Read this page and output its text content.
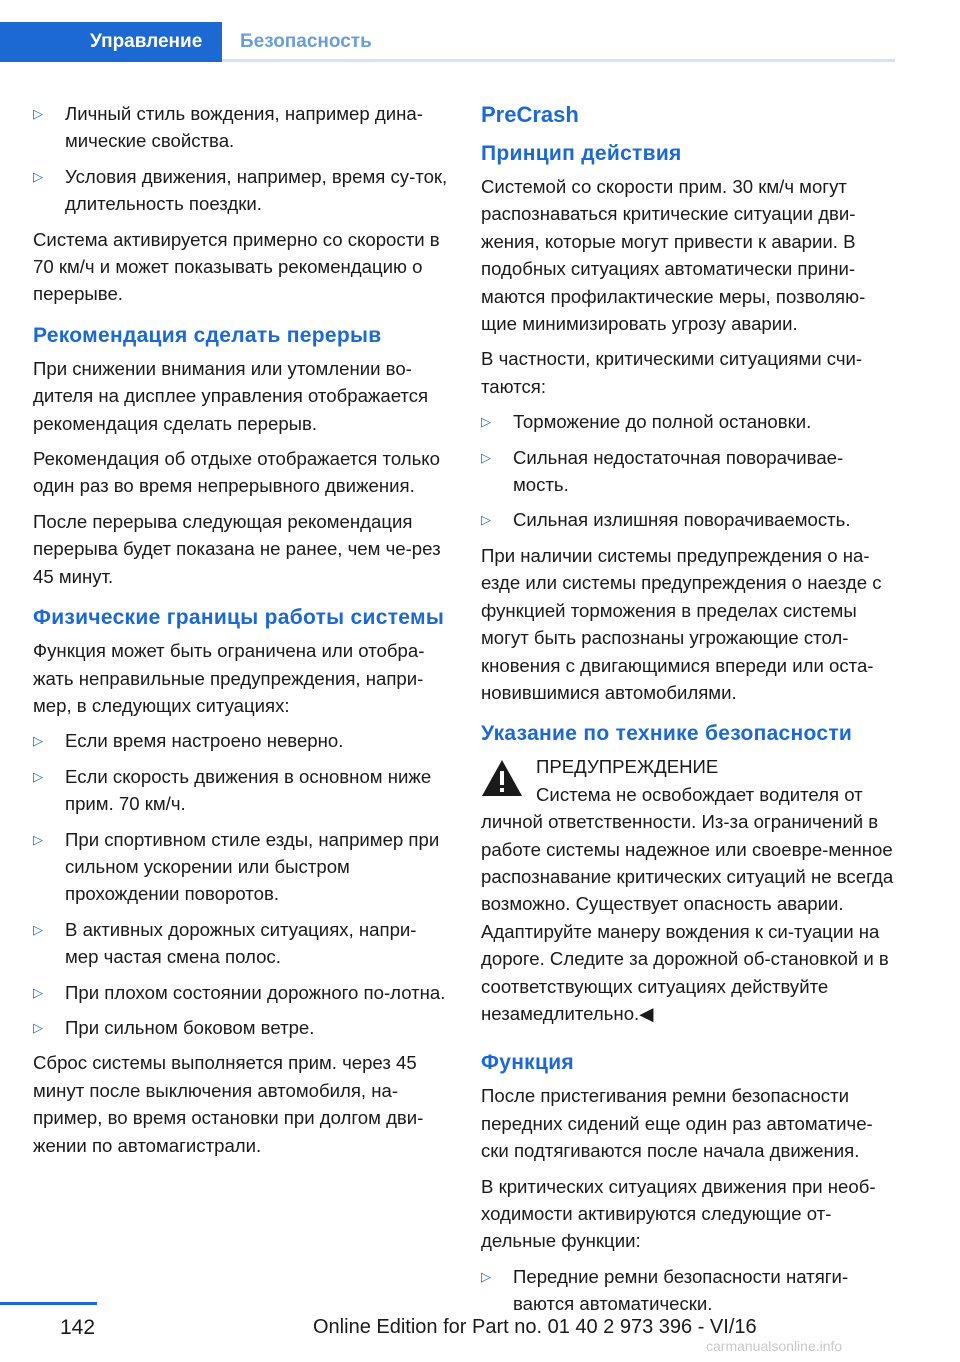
Управление	Безопасность
▷ Личный стиль вождения, например дина-мические свойства.
▷ Условия движения, например, время су-ток, длительность поездки.

Система активируется примерно со скорости в 70 км/ч и может показывать рекомендацию о перерыве.

Рекомендация сделать перерыв

При снижении внимания или утомлении во-дителя на дисплее управления отображается рекомендация сделать перерыв.

Рекомендация об отдыхе отображается только один раз во время непрерывного движения.

После перерыва следующая рекомендация перерыва будет показана не ранее, чем че-рез 45 минут.

Физические границы работы системы

Функция может быть ограничена или отобра-жать неправильные предупреждения, напри-мер, в следующих ситуациях:

▷ Если время настроено неверно.
▷ Если скорость движения в основном ниже прим. 70 км/ч.
▷ При спортивном стиле езды, например при сильном ускорении или быстром прохождении поворотов.
▷ В активных дорожных ситуациях, напри-мер частая смена полос.
▷ При плохом состоянии дорожного по-лотна.
▷ При сильном боковом ветре.

Сброс системы выполняется прим. через 45 минут после выключения автомобиля, на-пример, во время остановки при долгом дви-жении по автомагистрали.

PreCrash
Принцип действия

Системой со скорости прим. 30 км/ч могут распознаваться критические ситуации дви-жения, которые могут привести к аварии. В подобных ситуациях автоматически прини-маются профилактические меры, позволяю-щие минимизировать угрозу аварии.

В частности, критическими ситуациями счи-таются:

▷ Торможение до полной остановки.
▷ Сильная недостаточная поворачивае-мость.
▷ Сильная излишняя поворачиваемость.

При наличии системы предупреждения о на-езде или системы предупреждения о наезде с функцией торможения в пределах системы могут быть распознаны угрожающие стол-кновения с двигающимися впереди или оста-новившимися автомобилями.

Указание по технике безопасности
ПРЕДУПРЕЖДЕНИЕ
Система не освобождает водителя от личной ответственности. Из-за ограничений в работе системы надежное или своевре-менное распознавание критических ситуаций не всегда возможно. Существует опасность аварии. Адаптируйте манеру вождения к си-туации на дороге. Следите за дорожной об-становкой и в соответствующих ситуациях действуйте незамедлительно.◀
Функция

После пристегивания ремни безопасности передних сидений еще один раз автоматиче-ски подтягиваются после начала движения.

В критических ситуациях движения при необ-ходимости активируются следующие от-дельные функции:

▷ Передние ремни безопасности натяги-ваются автоматически.
142	Online Edition for Part no. 01 40 2 973 396 - VI/16
carmanualsonline.info
